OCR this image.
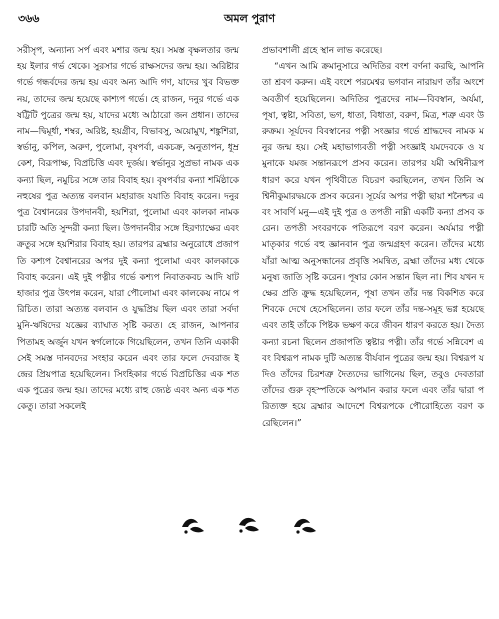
৩৬৬	অমল পুরাণ

সরীসৃপ, অন্যান্য সর্প এবং মশার জন্ম হয়। সমস্ত বৃক্ষলতার জন্ম হয় ইলার গর্ভ থেকে। সুরসার গর্ভে রাক্ষসদের জন্ম হয়। অরিষ্টার গর্ভে গন্ধর্বদের জন্ম হয় এবং অন্য আদি গণ, যাদের খুব বিভক্ত নয়, তাদের জন্ম হয়েছে কাশ্যপ গর্ভে। হে রাজন, দনুর গর্ভে একষট্টিটি পুত্রের জন্ম হয়, যাদের মধ্যে আঠারো জন প্রধান। তাদের নাম—দ্বিমূর্ধা, শম্বর, অরিষ্ট, হয়গ্রীব, বিভাবসু, অয়োমুখ, শঙ্কুশিরা, স্বর্ভানু, কপিল, অরুণ, পুলোমা, বৃষপর্বা, একচক্র, অনুতাপন, ধূম্রকেশ, বিরূপাক্ষ, বিপ্রচিত্তি এবং দুর্জয়। স্বর্ভানুর সুপ্রভা নামক এক কন্যা ছিল, নমুচির সঙ্গে তার বিবাহ হয়। বৃষপর্বার কন্যা শর্মিষ্ঠাকে নহুষের পুত্র অত্যন্ত বলবান মহারাজ যযাতি বিবাহ করেন। দনুর পুত্র বৈশ্বানরের উপদানবী, হয়শিরা, পুলোমা এবং কালকা নামক চারটি অতি সুন্দরী কন্যা ছিল। উপদানবীর সঙ্গে হিরণ্যাক্ষের এবং ক্রতুর সঙ্গে হয়শিরার বিবাহ হয়। তারপর ব্রহ্মার অনুরোধে প্রজাপতি কশ্যপ বৈশ্বানরের অপর দুই কন্যা পুলোমা এবং কালকাকে বিবাহ করেন। এই দুই পত্নীর গর্ভে কশ্যপ নিবাতকবচ আদি ষাট হাজার পুত্র উৎপন্ন করেন, যারা পৌলোমা এবং কালকেয় নামে পরিচিত। তারা অত্যন্ত বলবান ও যুদ্ধপ্রিয় ছিল এবং তারা সর্বদা মুনি-ঋষিদের যজ্ঞের ব্যাঘাত সৃষ্টি করত। হে রাজন, আপনার পিতামহ অর্জুন যখন স্বর্গলোকে গিয়েছিলেন, তখন তিনি একাকী সেই সমস্ত দানবদের সংহার করেন এবং তার ফলে দেবরাজ ইন্দ্রের প্রিয়পাত্র হয়েছিলেন। সিংহিকার গর্ভে বিপ্রচিত্তির এক শত এক পুত্রের জন্ম হয়। তাদের মধ্যে রাহু জ্যেষ্ঠ এবং অন্য এক শত কেতু। তারা সকলেই

প্রভাবশালী গ্রহে স্থান লাভ করেছে।

“এখন আমি ক্রমানুসারে অদিতির বংশ বর্ণনা করছি, আপনি তা শ্রবণ করুন। এই বংশে পরমেশ্বর ভগবান নারায়ণ তাঁর অংশে অবতীর্ণ হয়েছিলেন। অদিতির পুত্রদের নাম—বিবস্বান, অর্যমা, পূষা, ত্বষ্টা, সবিতা, ভগ, ধাতা, বিধাতা, বরুণ, মিত্র, শত্রু এবং উরুক্রম। সূর্যদেব বিবস্বানের পত্নী সংজ্ঞার গর্ভে শ্রাদ্ধদেব নামক মনুর জন্ম হয়। সেই মহাভাগ্যবতী পত্নী সংজ্ঞাই যমদেবকে ও যমুনাকে যমজ সন্তানরূপে প্রসব করেন। তারপর যমী অশ্বিনীরূপ ধারণ করে যখন পৃথিবীতে বিচরণ করছিলেন, তখন তিনি অশ্বিনীকুমারদ্বয়কে প্রসব করেন। সূর্যের অপর পত্নী ছায়া শনৈশ্চর এবং সাবর্ণি মনু—এই দুই পুত্র ও তপতী নাম্নী একটি কন্যা প্রসব করেন। তপতী সংবরণকে পতিরূপে বরণ করেন। অর্যমার পত্নী মাতৃকার গর্ভে বহু জ্ঞানবান পুত্র জন্মগ্রহণ করেন। তাঁদের মধ্যে যাঁরা আত্ম অনুসন্ধানের প্রবৃত্তি সমন্বিত, ব্রহ্মা তাঁদের মধ্য থেকে মনুষ্য জাতি সৃষ্টি করেন। পূষার কোন সন্তান ছিল না। শিব যখন দক্ষের প্রতি ক্রুদ্ধ হয়েছিলেন, পূষা তখন তাঁর দন্ত বিকশিত করে শিবকে দেখে হেসেছিলেন। তার ফলে তাঁর দন্ত-সমূহ ভগ্ন হয়েছে এবং তাই তাঁকে পিষ্টক ভক্ষণ করে জীবন ধারণ করতে হয়। দৈত্যকন্যা রচনা ছিলেন প্রজাপতি ত্বষ্টার পত্নী। তাঁর গর্ভে সন্নিবেশ এবং বিশ্বরূপ নামক দুটি অত্যন্ত বীর্যবান পুত্রের জন্ম হয়। বিশ্বরূপ যদিও তাঁদের চিরশত্রু দৈত্যদের ভাগিনেয় ছিল, তবুও দেবতারা তাঁদের গুরু বৃহস্পতিকে অপমান করার ফলে এবং তাঁর দ্বারা পরিত্যক্ত হয়ে ব্রহ্মার আদেশে বিশ্বরূপকে পৌরোহিত্যে বরণ করেছিলেন।”
